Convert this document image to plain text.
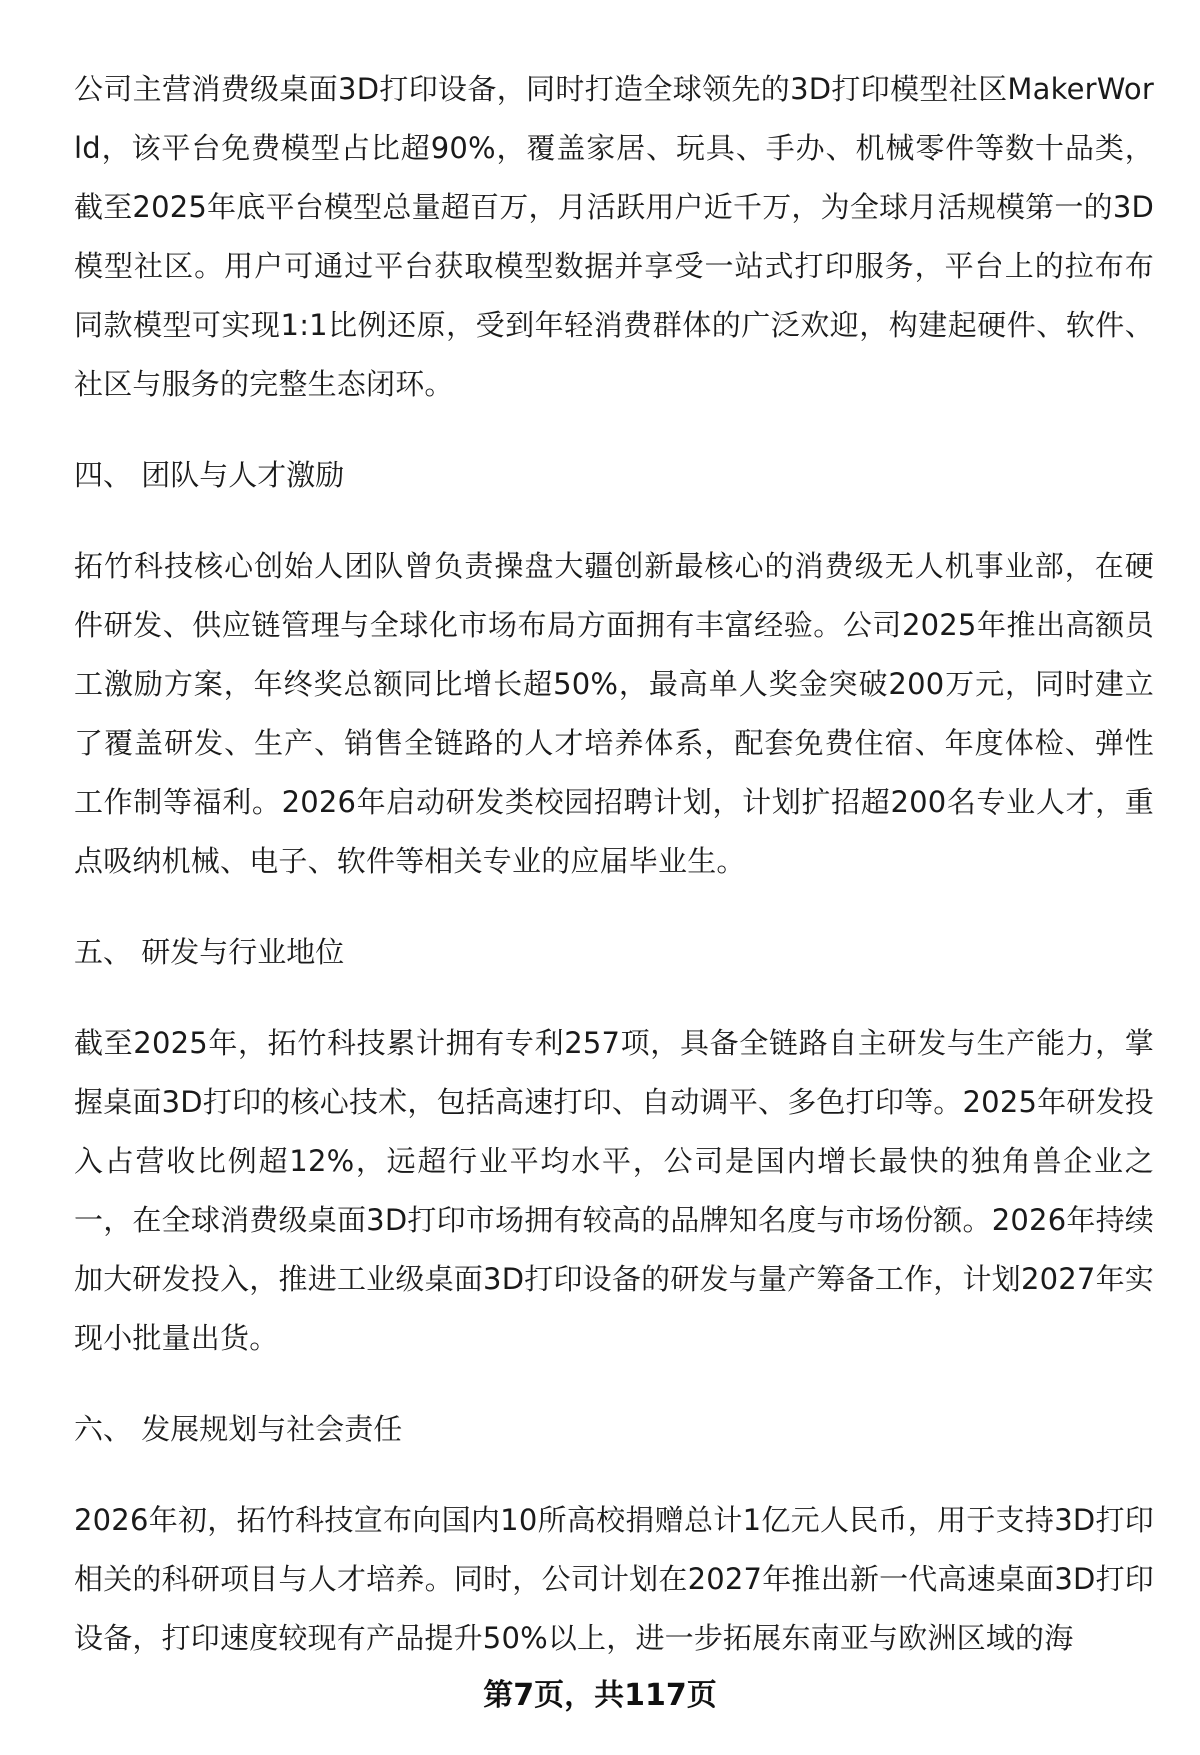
公司主营消费级桌面3D打印设备，同时打造全球领先的3D打印模型社区MakerWorld，该平台免费模型占比超90%，覆盖家居、玩具、手办、机械零件等数十品类，截至2025年底平台模型总量超百万，月活跃用户近千万，为全球月活规模第一的3D模型社区。用户可通过平台获取模型数据并享受一站式打印服务，平台上的拉布布同款模型可实现1:1比例还原，受到年轻消费群体的广泛欢迎，构建起硬件、软件、社区与服务的完整生态闭环。

四、 团队与人才激励

拓竹科技核心创始人团队曾负责操盘大疆创新最核心的消费级无人机事业部，在硬件研发、供应链管理与全球化市场布局方面拥有丰富经验。公司2025年推出高额员工激励方案，年终奖总额同比增长超50%，最高单人奖金突破200万元，同时建立了覆盖研发、生产、销售全链路的人才培养体系，配套免费住宿、年度体检、弹性工作制等福利。2026年启动研发类校园招聘计划，计划扩招超200名专业人才，重点吸纳机械、电子、软件等相关专业的应届毕业生。

五、 研发与行业地位

截至2025年，拓竹科技累计拥有专利257项，具备全链路自主研发与生产能力，掌握桌面3D打印的核心技术，包括高速打印、自动调平、多色打印等。2025年研发投入占营收比例超12%，远超行业平均水平，公司是国内增长最快的独角兽企业之一，在全球消费级桌面3D打印市场拥有较高的品牌知名度与市场份额。2026年持续加大研发投入，推进工业级桌面3D打印设备的研发与量产筹备工作，计划2027年实现小批量出货。

六、 发展规划与社会责任

2026年初，拓竹科技宣布向国内10所高校捐赠总计1亿元人民币，用于支持3D打印相关的科研项目与人才培养。同时，公司计划在2027年推出新一代高速桌面3D打印设备，打印速度较现有产品提升50%以上，进一步拓展东南亚与欧洲区域的海

第7页，共117页
